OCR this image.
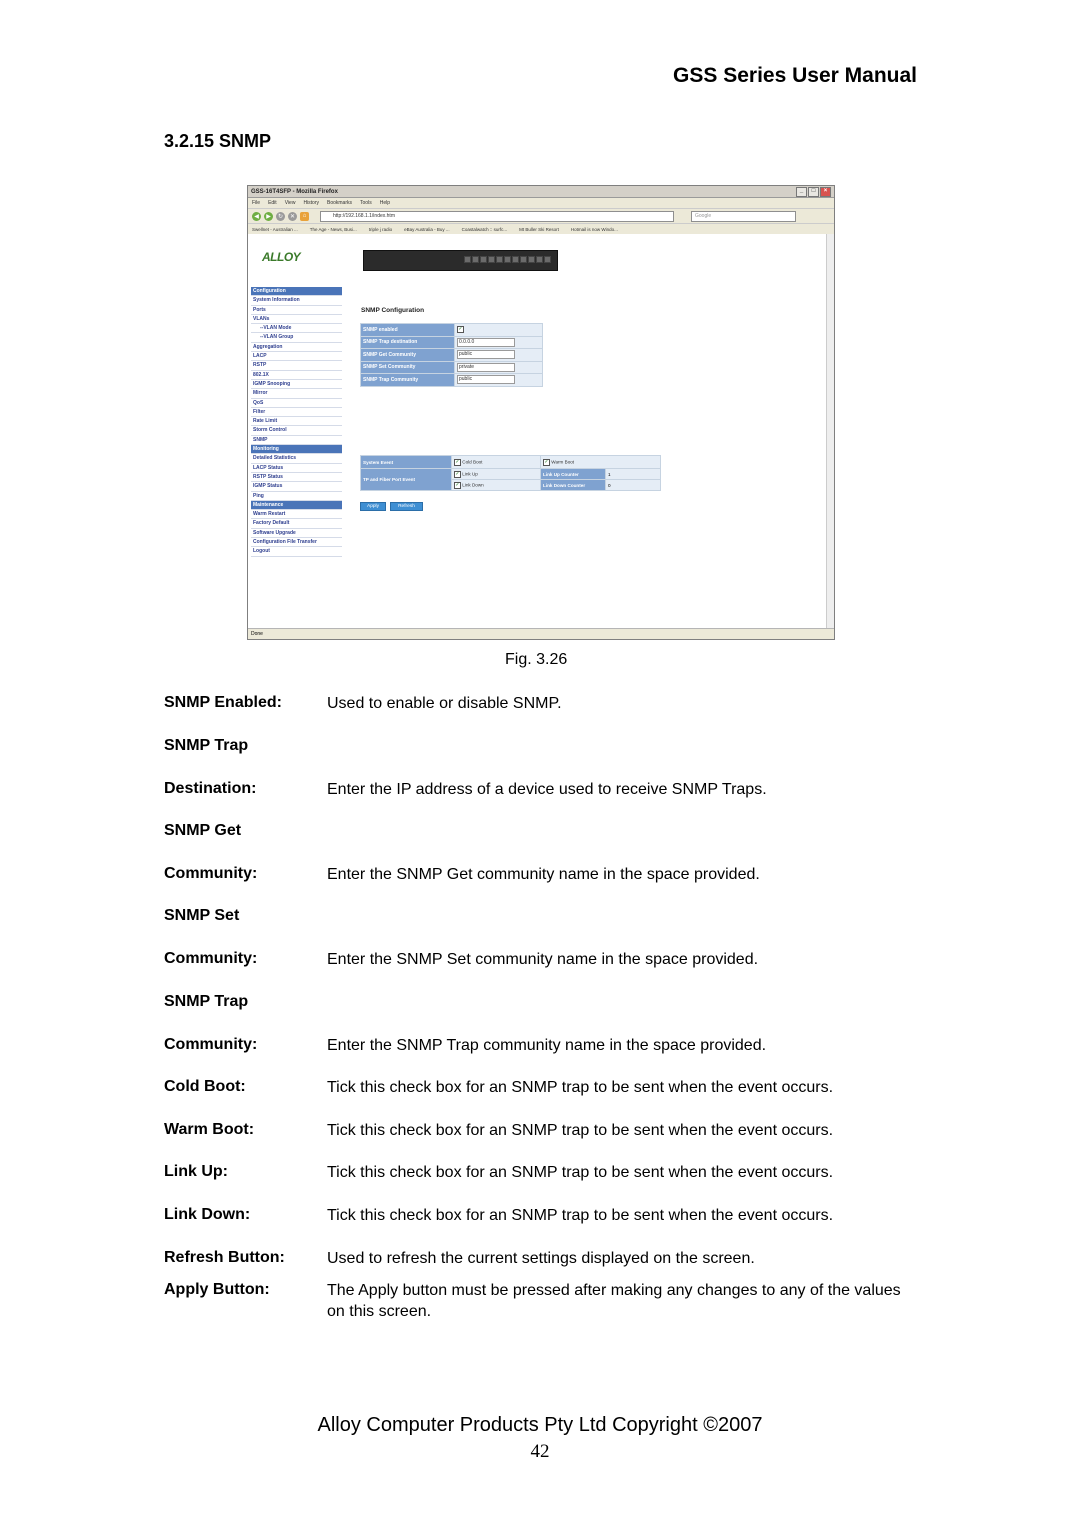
GSS Series User Manual
3.2.15 SNMP
GSS-16T4SFP - Mozilla Firefox	_	□	×
File Edit View History Bookmarks Tools Help
◀	▶	↻	✕	⌂	http://192.168.1.1/index.htm	Google
Swellnet - Australian ...	The Age - News, Busi...	triple j radio	eBay Australia - Buy ...	Coastalwatch :: surfc...	Mt Buller Ski Resort	Hotmail is now Windo...
ALLOY
Configuration
System Information
Ports
VLANs
--VLAN Mode
--VLAN Group
Aggregation
LACP
RSTP
802.1X
IGMP Snooping
Mirror
QoS
Filter
Rate Limit
Storm Control
SNMP
Monitoring
Detailed Statistics
LACP Status
RSTP Status
IGMP Status
Ping
Maintenance
Warm Restart
Factory Default
Software Upgrade
Configuration File Transfer
Logout
SNMP Configuration
SNMP enabled	✓
SNMP Trap destination	0.0.0.0
SNMP Get Community	public
SNMP Set Community	private
SNMP Trap Community	public
System Event	✓ Cold Boot	✓ Warm Boot	
TP and Fiber Port Event	✓ Link Up	Link Up Counter	1
	✓ Link Down	Link Down Counter	0
Apply	Refresh
Done
Fig. 3.26
SNMP Enabled:	Used to enable or disable SNMP.
SNMP Trap
Destination:	Enter the IP address of a device used to receive SNMP Traps.
SNMP Get
Community:	Enter the SNMP Get community name in the space provided.
SNMP Set
Community:	Enter the SNMP Set community name in the space provided.
SNMP Trap
Community:	Enter the SNMP Trap community name in the space provided.
Cold Boot:	Tick this check box for an SNMP trap to be sent when the event occurs.
Warm Boot:	Tick this check box for an SNMP trap to be sent when the event occurs.
Link Up:	Tick this check box for an SNMP trap to be sent when the event occurs.
Link Down:	Tick this check box for an SNMP trap to be sent when the event occurs.
Refresh Button:	Used to refresh the current settings displayed on the screen.
Apply Button:	The Apply button must be pressed after making any changes to any of the values on this screen.
Alloy Computer Products Pty Ltd Copyright ©2007
42
